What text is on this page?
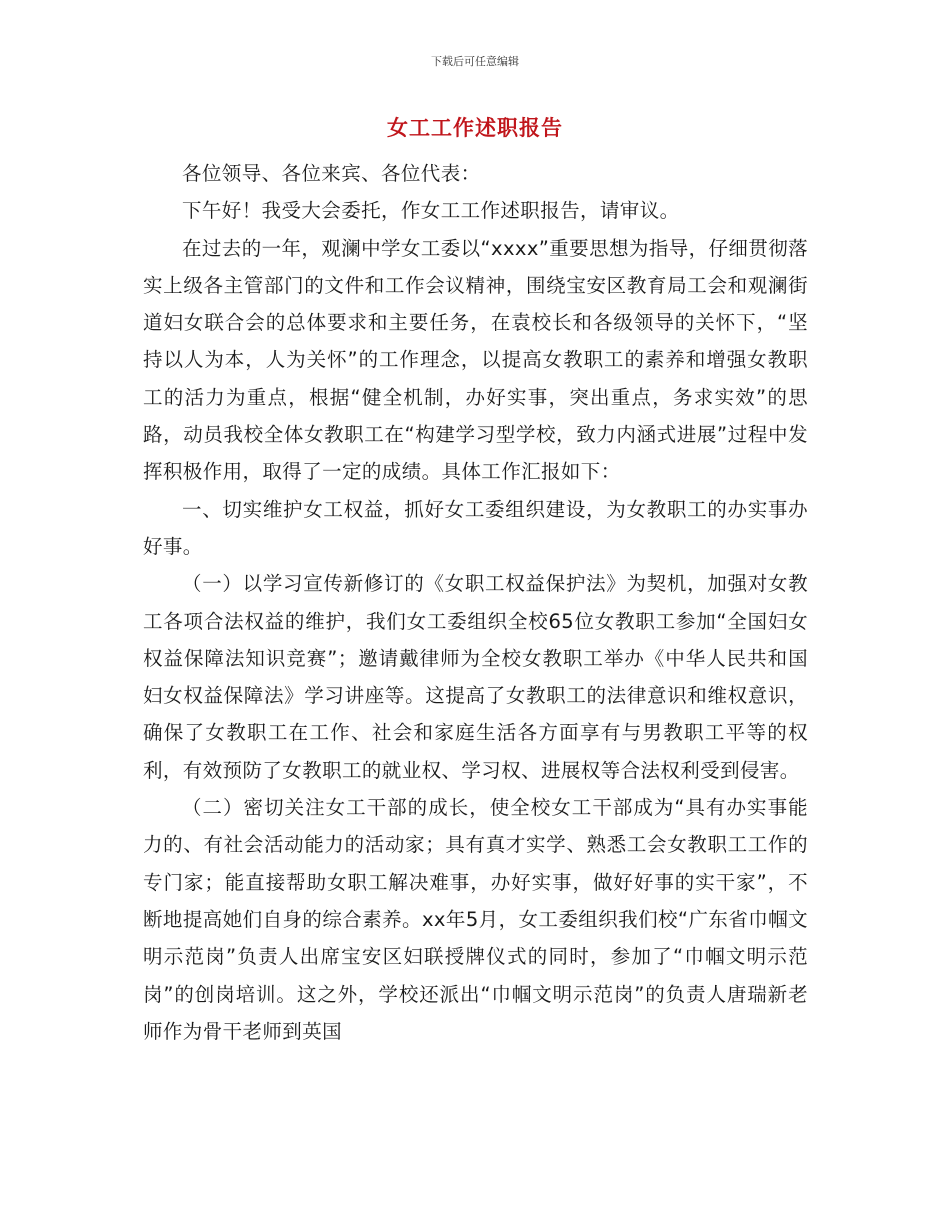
下载后可任意编辑
女工工作述职报告

各位领导、各位来宾、各位代表：

下午好！我受大会委托，作女工工作述职报告，请审议。

在过去的一年，观澜中学女工委以“xxxx”重要思想为指导，仔细贯彻落实上级各主管部门的文件和工作会议精神，围绕宝安区教育局工会和观澜街道妇女联合会的总体要求和主要任务，在袁校长和各级领导的关怀下，“坚持以人为本，人为关怀”的工作理念，以提高女教职工的素养和增强女教职工的活力为重点，根据“健全机制，办好实事，突出重点，务求实效”的思路，动员我校全体女教职工在“构建学习型学校，致力内涵式进展”过程中发挥积极作用，取得了一定的成绩。具体工作汇报如下：

一、切实维护女工权益，抓好女工委组织建设，为女教职工的办实事办好事。

（一）以学习宣传新修订的《女职工权益保护法》为契机，加强对女教工各项合法权益的维护，我们女工委组织全校65位女教职工参加“全国妇女权益保障法知识竞赛”；邀请戴律师为全校女教职工举办《中华人民共和国妇女权益保障法》学习讲座等。这提高了女教职工的法律意识和维权意识，确保了女教职工在工作、社会和家庭生活各方面享有与男教职工平等的权利，有效预防了女教职工的就业权、学习权、进展权等合法权利受到侵害。

（二）密切关注女工干部的成长，使全校女工干部成为“具有办实事能力的、有社会活动能力的活动家；具有真才实学、熟悉工会女教职工工作的专门家；能直接帮助女职工解决难事，办好实事，做好好事的实干家”，不断地提高她们自身的综合素养。xx年5月，女工委组织我们校“广东省巾帼文明示范岗”负责人出席宝安区妇联授牌仪式的同时，参加了“巾帼文明示范岗”的创岗培训。这之外，学校还派出“巾帼文明示范岗”的负责人唐瑞新老师作为骨干老师到英国
